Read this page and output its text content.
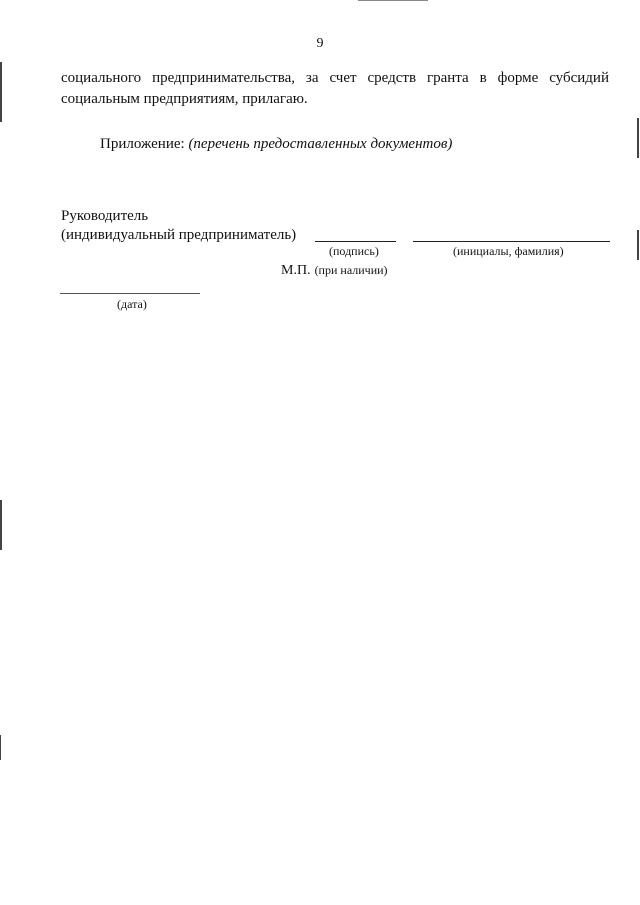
9

социального предпринимательства, за счет средств гранта в форме субсидий социальным предприятиям, прилагаю.

Приложение: (перечень предоставленных документов)
Руководитель
(индивидуальный предприниматель)
(подпись)	(инициалы, фамилия)
М.П. (при наличии)
(дата)
